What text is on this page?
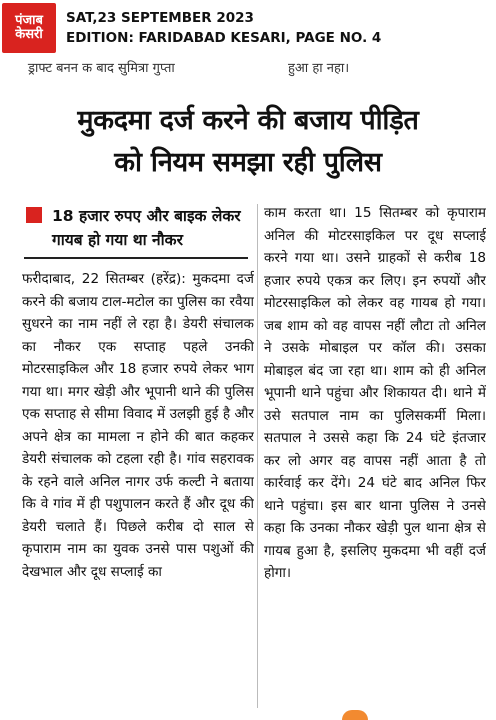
पंजाब
केसरी
SAT,23 SEPTEMBER 2023
EDITION: FARIDABAD KESARI, PAGE NO. 4
ड्राफ्ट बनन क बाद सुमित्रा गुप्ता	हुआ हा नहा।
मुकदमा दर्ज करने की बजाय पीड़ित
को नियम समझा रही पुलिस
18 हजार रुपए और बाइक लेकर गायब हो गया था नौकर

फरीदाबाद, 22 सितम्बर (हरेंद्र): मुकदमा दर्ज करने की बजाय टाल-मटोल का पुलिस का रवैया सुधरने का नाम नहीं ले रहा है। डेयरी संचालक का नौकर एक सप्ताह पहले उनकी मोटरसाइकिल और 18 हजार रुपये लेकर भाग गया था। मगर खेड़ी और भूपानी थाने की पुलिस एक सप्ताह से सीमा विवाद में उलझी हुई है और अपने क्षेत्र का मामला न होने की बात कहकर डेयरी संचालक को टहला रही है। गांव सहरावक के रहने वाले अनिल नागर उर्फ कल्टी ने बताया कि वे गांव में ही पशुपालन करते हैं और दूध की डेयरी चलाते हैं। पिछले करीब दो साल से कृपाराम नाम का युवक उनसे पास पशुओं की देखभाल और दूध सप्लाई का

काम करता था। 15 सितम्बर को कृपाराम अनिल की मोटरसाइकिल पर दूध सप्लाई करने गया था। उसने ग्राहकों से करीब 18 हजार रुपये एकत्र कर लिए। इन रुपयों और मोटरसाइकिल को लेकर वह गायब हो गया। जब शाम को वह वापस नहीं लौटा तो अनिल ने उसके मोबाइल पर कॉल की। उसका मोबाइल बंद जा रहा था। शाम को ही अनिल भूपानी थाने पहुंचा और शिकायत दी। थाने में उसे सतपाल नाम का पुलिसकर्मी मिला। सतपाल ने उससे कहा कि 24 घंटे इंतजार कर लो अगर वह वापस नहीं आता है तो कार्रवाई कर देंगे। 24 घंटे बाद अनिल फिर थाने पहुंचा। इस बार थाना पुलिस ने उनसे कहा कि उनका नौकर खेड़ी पुल थाना क्षेत्र से गायब हुआ है, इसलिए मुकदमा भी वहीं दर्ज होगा।
